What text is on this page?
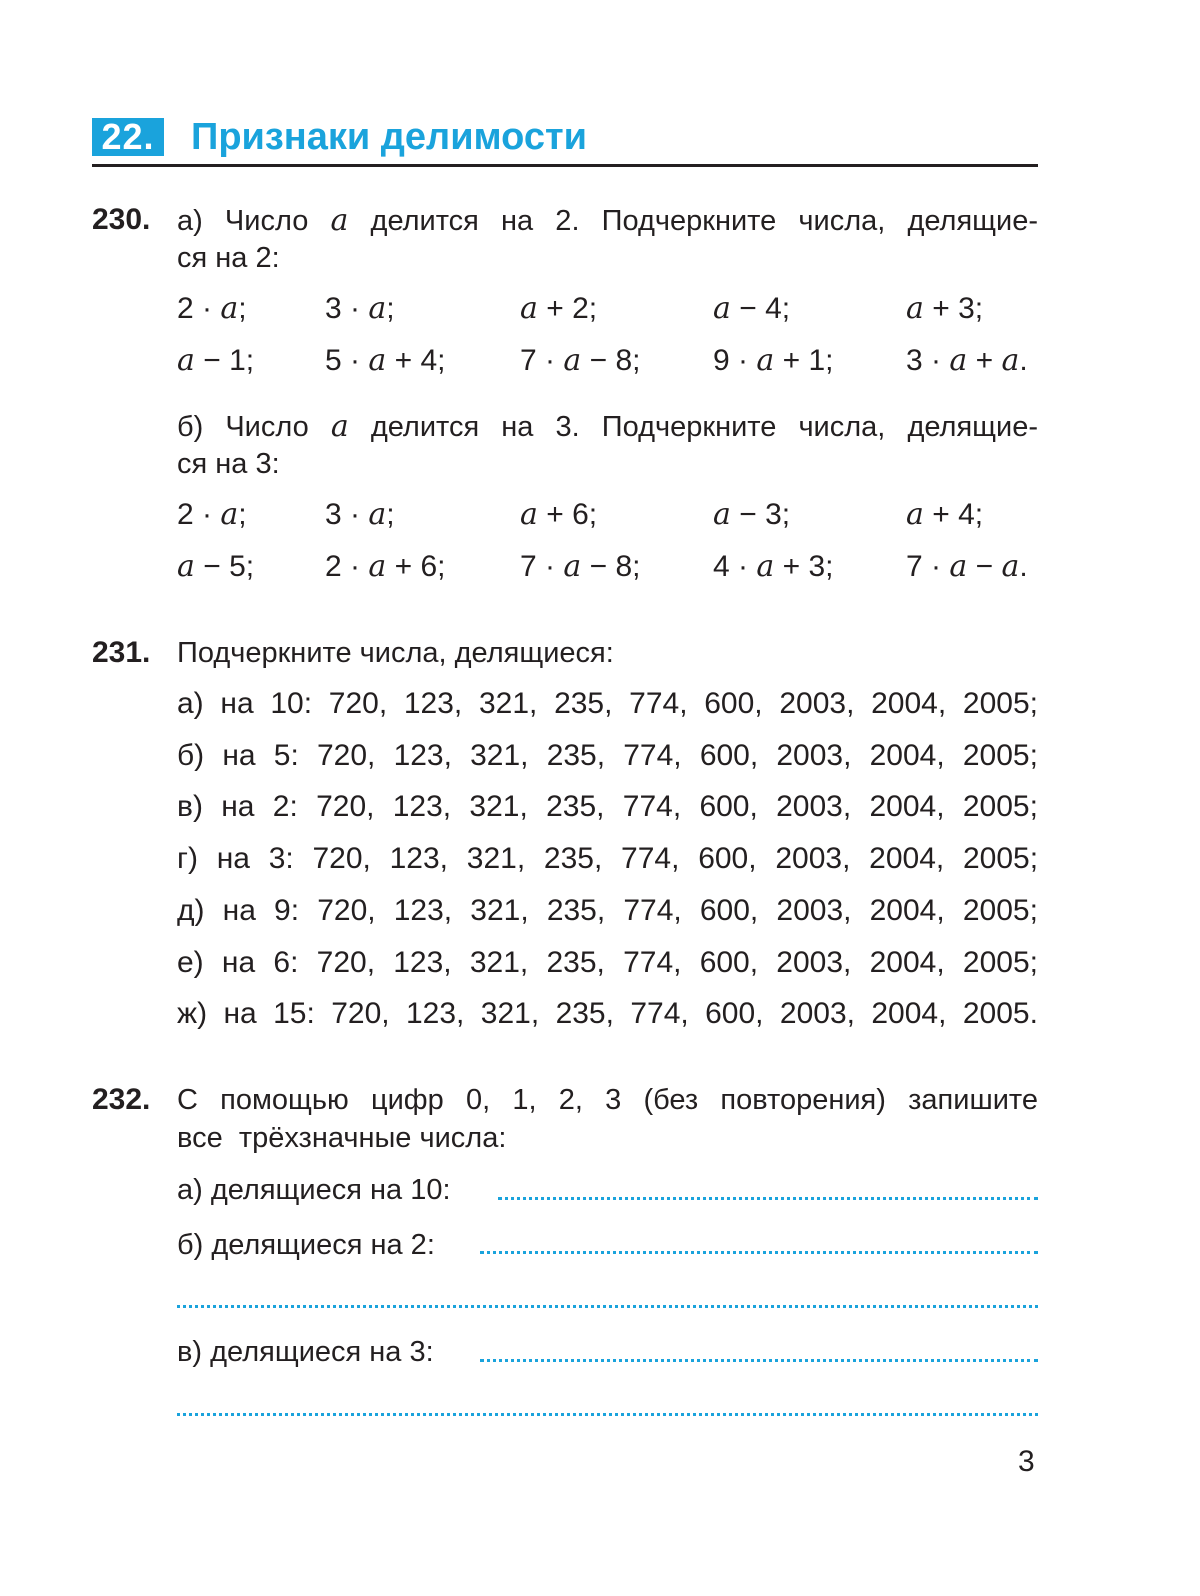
22. Признаки делимости
230. а) Число a делится на 2. Подчеркните числа, делящие-
ся на 2:
2 · a;	3 · a;	a + 2;	a − 4;	a + 3;
a − 1; 5 · a + 4; 7 · a − 8; 9 · a + 1; 3 · a + a.
б) Число a делится на 3. Подчеркните числа, делящие-
ся на 3:
2 · a;	3 · a;	a + 6;	a − 3;	a + 4;
a − 5; 2 · a + 6; 7 · a − 8; 4 · a + 3; 7 · a − a.
231. Подчеркните числа, делящиеся:
а) на 10: 720, 123, 321, 235, 774, 600, 2003, 2004, 2005;
б) на 5: 720, 123, 321, 235, 774, 600, 2003, 2004, 2005;
в) на 2: 720, 123, 321, 235, 774, 600, 2003, 2004, 2005;
г) на 3: 720, 123, 321, 235, 774, 600, 2003, 2004, 2005;
д) на 9: 720, 123, 321, 235, 774, 600, 2003, 2004, 2005;
е) на 6: 720, 123, 321, 235, 774, 600, 2003, 2004, 2005;
ж) на 15: 720, 123, 321, 235, 774, 600, 2003, 2004, 2005.
232. С помощью цифр 0, 1, 2, 3 (без повторения) запишите
все  трёхзначные числа:
а) делящиеся на 10:
б) делящиеся на 2:
в) делящиеся на 3:
3
